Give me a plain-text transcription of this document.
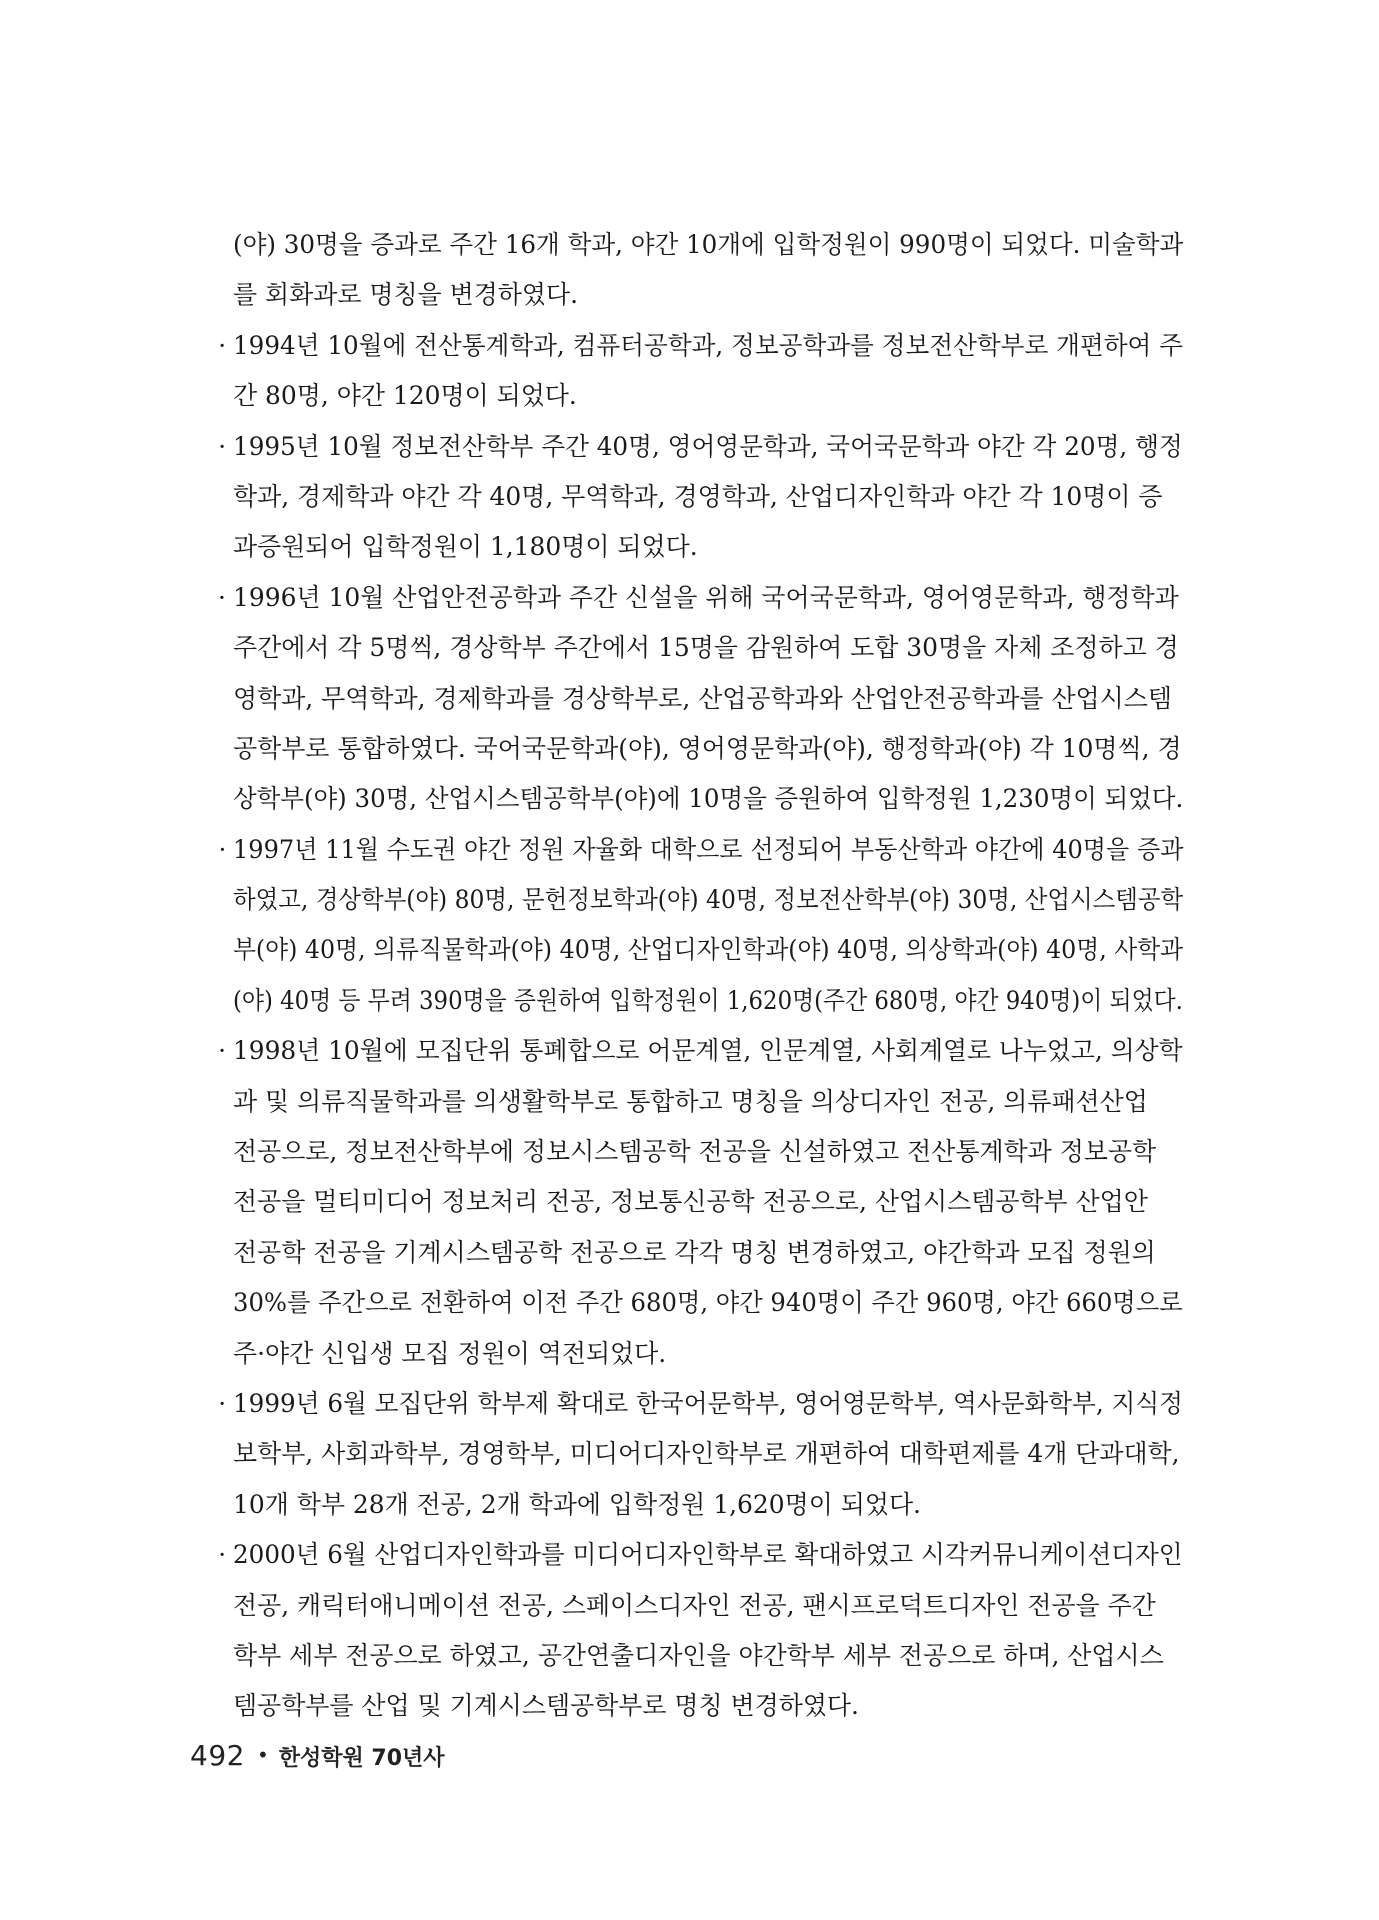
(야) 30명을 증과로 주간 16개 학과, 야간 10개에 입학정원이 990명이 되었다. 미술학과
를 회화과로 명칭을 변경하였다.
· 1994년 10월에 전산통계학과, 컴퓨터공학과, 정보공학과를 정보전산학부로 개편하여 주
간 80명, 야간 120명이 되었다.
· 1995년 10월 정보전산학부 주간 40명, 영어영문학과, 국어국문학과 야간 각 20명, 행정
학과, 경제학과 야간 각 40명, 무역학과, 경영학과, 산업디자인학과 야간 각 10명이 증
과증원되어 입학정원이 1,180명이 되었다.
· 1996년 10월 산업안전공학과 주간 신설을 위해 국어국문학과, 영어영문학과, 행정학과
주간에서 각 5명씩, 경상학부 주간에서 15명을 감원하여 도합 30명을 자체 조정하고 경
영학과, 무역학과, 경제학과를 경상학부로, 산업공학과와 산업안전공학과를 산업시스템
공학부로 통합하였다. 국어국문학과(야), 영어영문학과(야), 행정학과(야) 각 10명씩, 경
상학부(야) 30명, 산업시스템공학부(야)에 10명을 증원하여 입학정원 1,230명이 되었다.
· 1997년 11월 수도권 야간 정원 자율화 대학으로 선정되어 부동산학과 야간에 40명을 증과
하였고, 경상학부(야) 80명, 문헌정보학과(야) 40명, 정보전산학부(야) 30명, 산업시스템공학
부(야) 40명, 의류직물학과(야) 40명, 산업디자인학과(야) 40명, 의상학과(야) 40명, 사학과
(야) 40명 등 무려 390명을 증원하여 입학정원이 1,620명(주간 680명, 야간 940명)이 되었다.
· 1998년 10월에 모집단위 통폐합으로 어문계열, 인문계열, 사회계열로 나누었고, 의상학
과 및 의류직물학과를 의생활학부로 통합하고 명칭을 의상디자인 전공, 의류패션산업
전공으로, 정보전산학부에 정보시스템공학 전공을 신설하였고 전산통계학과 정보공학
전공을 멀티미디어 정보처리 전공, 정보통신공학 전공으로, 산업시스템공학부 산업안
전공학 전공을 기계시스템공학 전공으로 각각 명칭 변경하였고, 야간학과 모집 정원의
30%를 주간으로 전환하여 이전 주간 680명, 야간 940명이 주간 960명, 야간 660명으로
주·야간 신입생 모집 정원이 역전되었다.
· 1999년 6월 모집단위 학부제 확대로 한국어문학부, 영어영문학부, 역사문화학부, 지식정
보학부, 사회과학부, 경영학부, 미디어디자인학부로 개편하여 대학편제를 4개 단과대학,
10개 학부 28개 전공, 2개 학과에 입학정원 1,620명이 되었다.
· 2000년 6월 산업디자인학과를 미디어디자인학부로 확대하였고 시각커뮤니케이션디자인
전공, 캐릭터애니메이션 전공, 스페이스디자인 전공, 팬시프로덕트디자인 전공을 주간
학부 세부 전공으로 하였고, 공간연출디자인을 야간학부 세부 전공으로 하며, 산업시스
템공학부를 산업 및 기계시스템공학부로 명칭 변경하였다.
492 • 한성학원 70년사
